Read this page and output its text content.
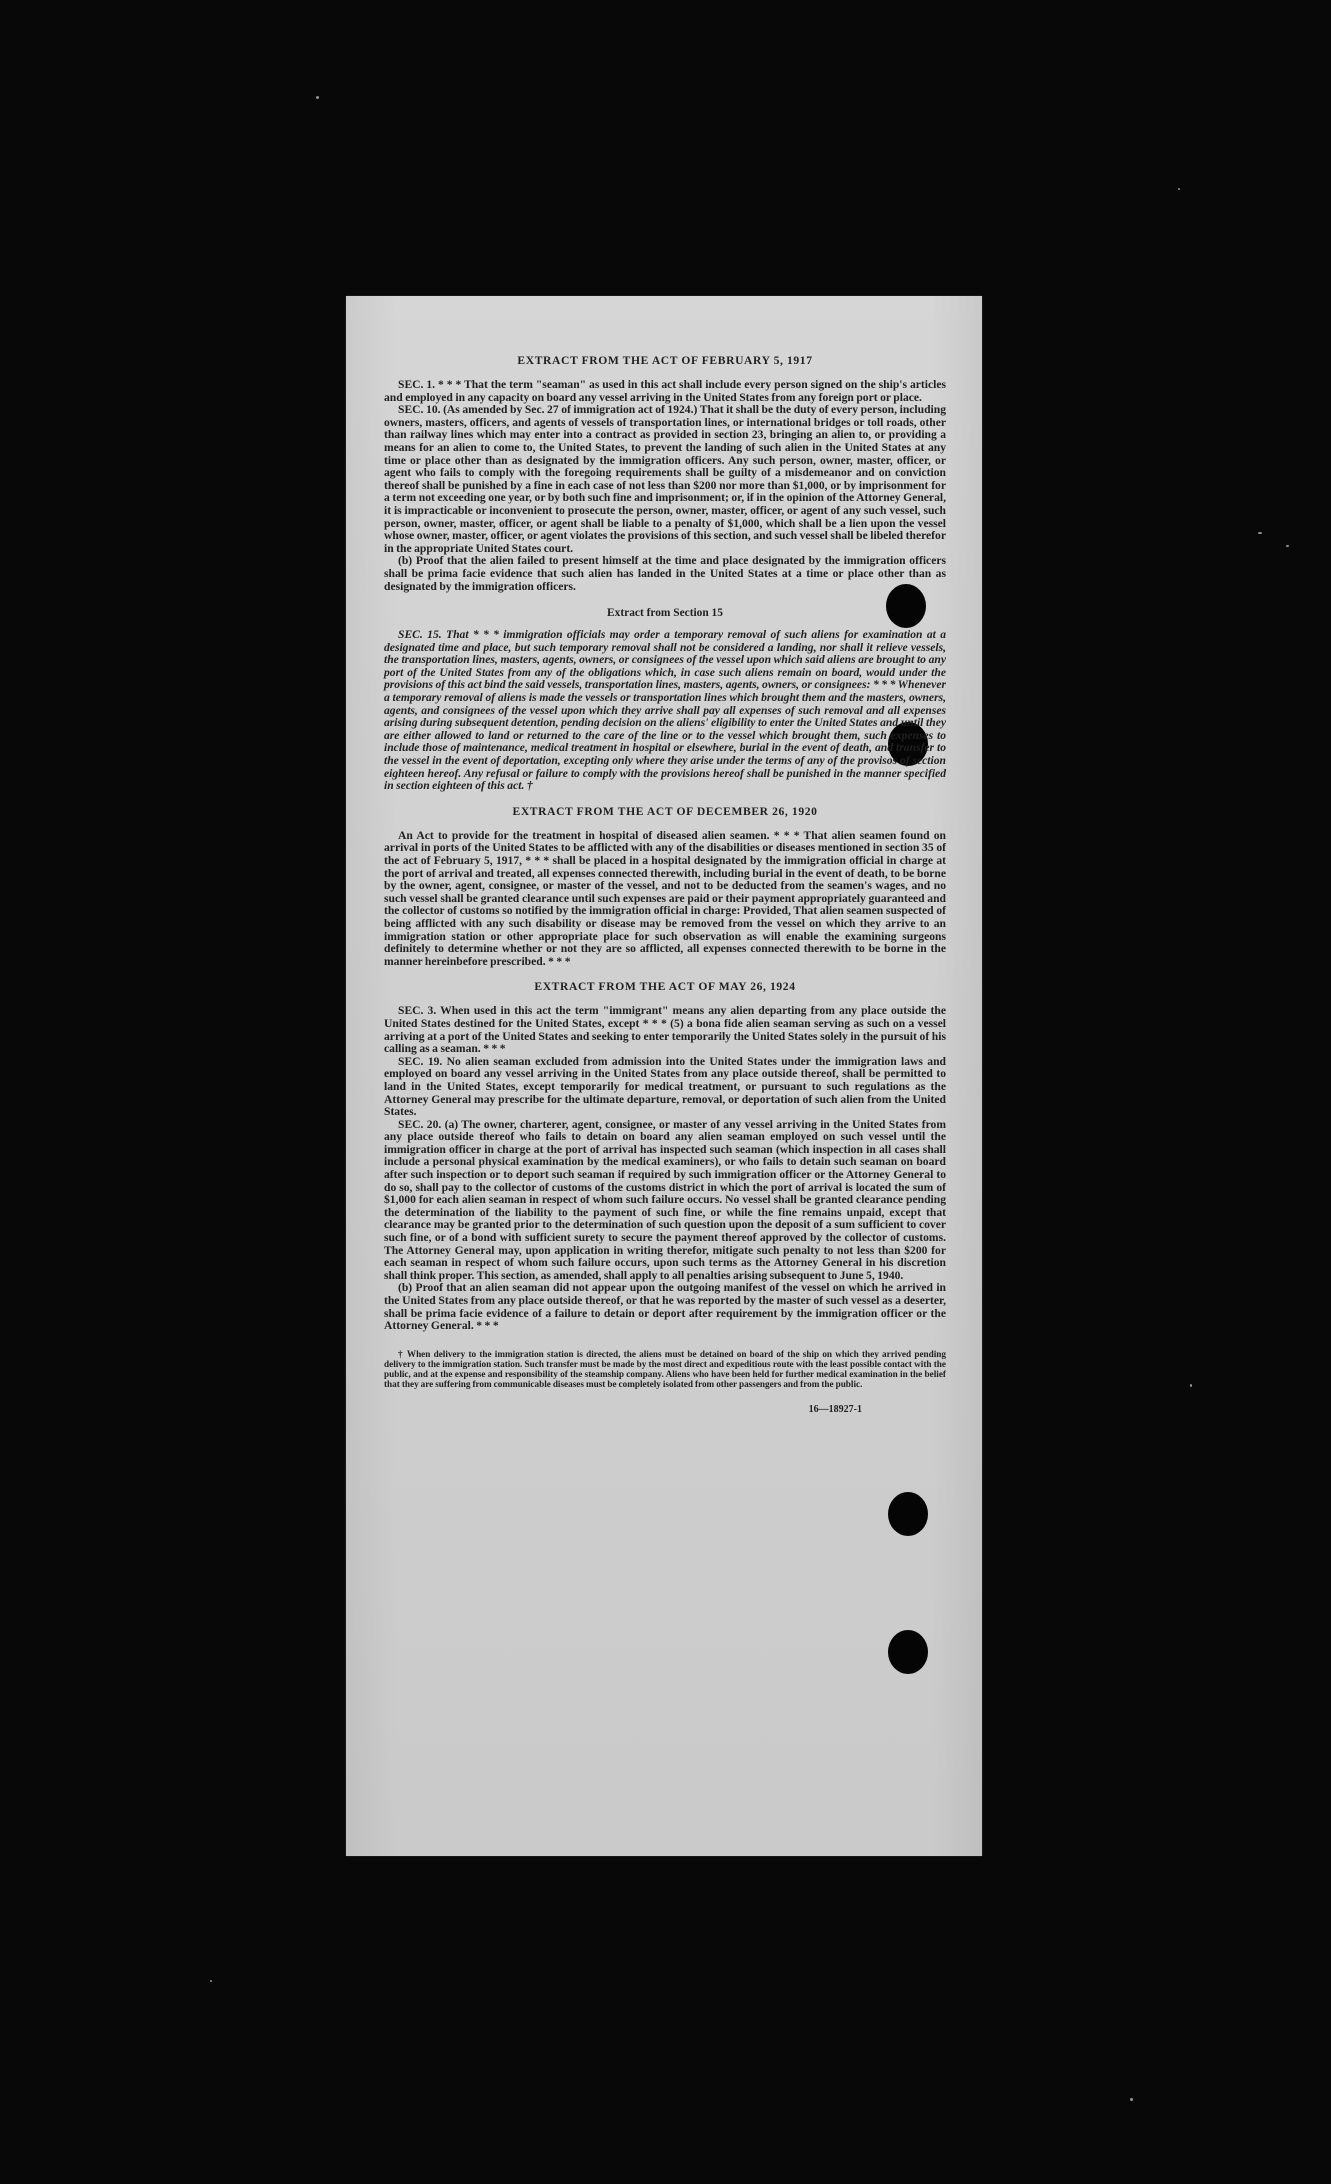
EXTRACT FROM THE ACT OF FEBRUARY 5, 1917

SEC. 1. * * * That the term "seaman" as used in this act shall include every person signed on the ship's articles and employed in any capacity on board any vessel arriving in the United States from any foreign port or place.

SEC. 10. (As amended by Sec. 27 of immigration act of 1924.) That it shall be the duty of every person, including owners, masters, officers, and agents of vessels of transportation lines, or international bridges or toll roads, other than railway lines which may enter into a contract as provided in section 23, bringing an alien to, or providing a means for an alien to come to, the United States, to prevent the landing of such alien in the United States at any time or place other than as designated by the immigration officers. Any such person, owner, master, officer, or agent who fails to comply with the foregoing requirements shall be guilty of a misdemeanor and on conviction thereof shall be punished by a fine in each case of not less than $200 nor more than $1,000, or by imprisonment for a term not exceeding one year, or by both such fine and imprisonment; or, if in the opinion of the Attorney General, it is impracticable or inconvenient to prosecute the person, owner, master, officer, or agent of any such vessel, such person, owner, master, officer, or agent shall be liable to a penalty of $1,000, which shall be a lien upon the vessel whose owner, master, officer, or agent violates the provisions of this section, and such vessel shall be libeled therefor in the appropriate United States court.

(b) Proof that the alien failed to present himself at the time and place designated by the immigration officers shall be prima facie evidence that such alien has landed in the United States at a time or place other than as designated by the immigration officers.

Extract from Section 15

SEC. 15. That * * * immigration officials may order a temporary removal of such aliens for examination at a designated time and place, but such temporary removal shall not be considered a landing, nor shall it relieve vessels, the transportation lines, masters, agents, owners, or consignees of the vessel upon which said aliens are brought to any port of the United States from any of the obligations which, in case such aliens remain on board, would under the provisions of this act bind the said vessels, transportation lines, masters, agents, owners, or consignees: * * * Whenever a temporary removal of aliens is made the vessels or transportation lines which brought them and the masters, owners, agents, and consignees of the vessel upon which they arrive shall pay all expenses of such removal and all expenses arising during subsequent detention, pending decision on the aliens' eligibility to enter the United States and until they are either allowed to land or returned to the care of the line or to the vessel which brought them, such expenses to include those of maintenance, medical treatment in hospital or elsewhere, burial in the event of death, and transfer to the vessel in the event of deportation, excepting only where they arise under the terms of any of the provisos of section eighteen hereof. Any refusal or failure to comply with the provisions hereof shall be punished in the manner specified in section eighteen of this act. †

EXTRACT FROM THE ACT OF DECEMBER 26, 1920

An Act to provide for the treatment in hospital of diseased alien seamen. * * * That alien seamen found on arrival in ports of the United States to be afflicted with any of the disabilities or diseases mentioned in section 35 of the act of February 5, 1917, * * * shall be placed in a hospital designated by the immigration official in charge at the port of arrival and treated, all expenses connected therewith, including burial in the event of death, to be borne by the owner, agent, consignee, or master of the vessel, and not to be deducted from the seamen's wages, and no such vessel shall be granted clearance until such expenses are paid or their payment appropriately guaranteed and the collector of customs so notified by the immigration official in charge: Provided, That alien seamen suspected of being afflicted with any such disability or disease may be removed from the vessel on which they arrive to an immigration station or other appropriate place for such observation as will enable the examining surgeons definitely to determine whether or not they are so afflicted, all expenses connected therewith to be borne in the manner hereinbefore prescribed. * * *

EXTRACT FROM THE ACT OF MAY 26, 1924

SEC. 3. When used in this act the term "immigrant" means any alien departing from any place outside the United States destined for the United States, except * * * (5) a bona fide alien seaman serving as such on a vessel arriving at a port of the United States and seeking to enter temporarily the United States solely in the pursuit of his calling as a seaman. * * *

SEC. 19. No alien seaman excluded from admission into the United States under the immigration laws and employed on board any vessel arriving in the United States from any place outside thereof, shall be permitted to land in the United States, except temporarily for medical treatment, or pursuant to such regulations as the Attorney General may prescribe for the ultimate departure, removal, or deportation of such alien from the United States.

SEC. 20. (a) The owner, charterer, agent, consignee, or master of any vessel arriving in the United States from any place outside thereof who fails to detain on board any alien seaman employed on such vessel until the immigration officer in charge at the port of arrival has inspected such seaman (which inspection in all cases shall include a personal physical examination by the medical examiners), or who fails to detain such seaman on board after such inspection or to deport such seaman if required by such immigration officer or the Attorney General to do so, shall pay to the collector of customs of the customs district in which the port of arrival is located the sum of $1,000 for each alien seaman in respect of whom such failure occurs. No vessel shall be granted clearance pending the determination of the liability to the payment of such fine, or while the fine remains unpaid, except that clearance may be granted prior to the determination of such question upon the deposit of a sum sufficient to cover such fine, or of a bond with sufficient surety to secure the payment thereof approved by the collector of customs. The Attorney General may, upon application in writing therefor, mitigate such penalty to not less than $200 for each seaman in respect of whom such failure occurs, upon such terms as the Attorney General in his discretion shall think proper. This section, as amended, shall apply to all penalties arising subsequent to June 5, 1940.

(b) Proof that an alien seaman did not appear upon the outgoing manifest of the vessel on which he arrived in the United States from any place outside thereof, or that he was reported by the master of such vessel as a deserter, shall be prima facie evidence of a failure to detain or deport after requirement by the immigration officer or the Attorney General. * * *

† When delivery to the immigration station is directed, the aliens must be detained on board of the ship on which they arrived pending delivery to the immigration station. Such transfer must be made by the most direct and expeditious route with the least possible contact with the public, and at the expense and responsibility of the steamship company. Aliens who have been held for further medical examination in the belief that they are suffering from communicable diseases must be completely isolated from other passengers and from the public.
16—18927-1
